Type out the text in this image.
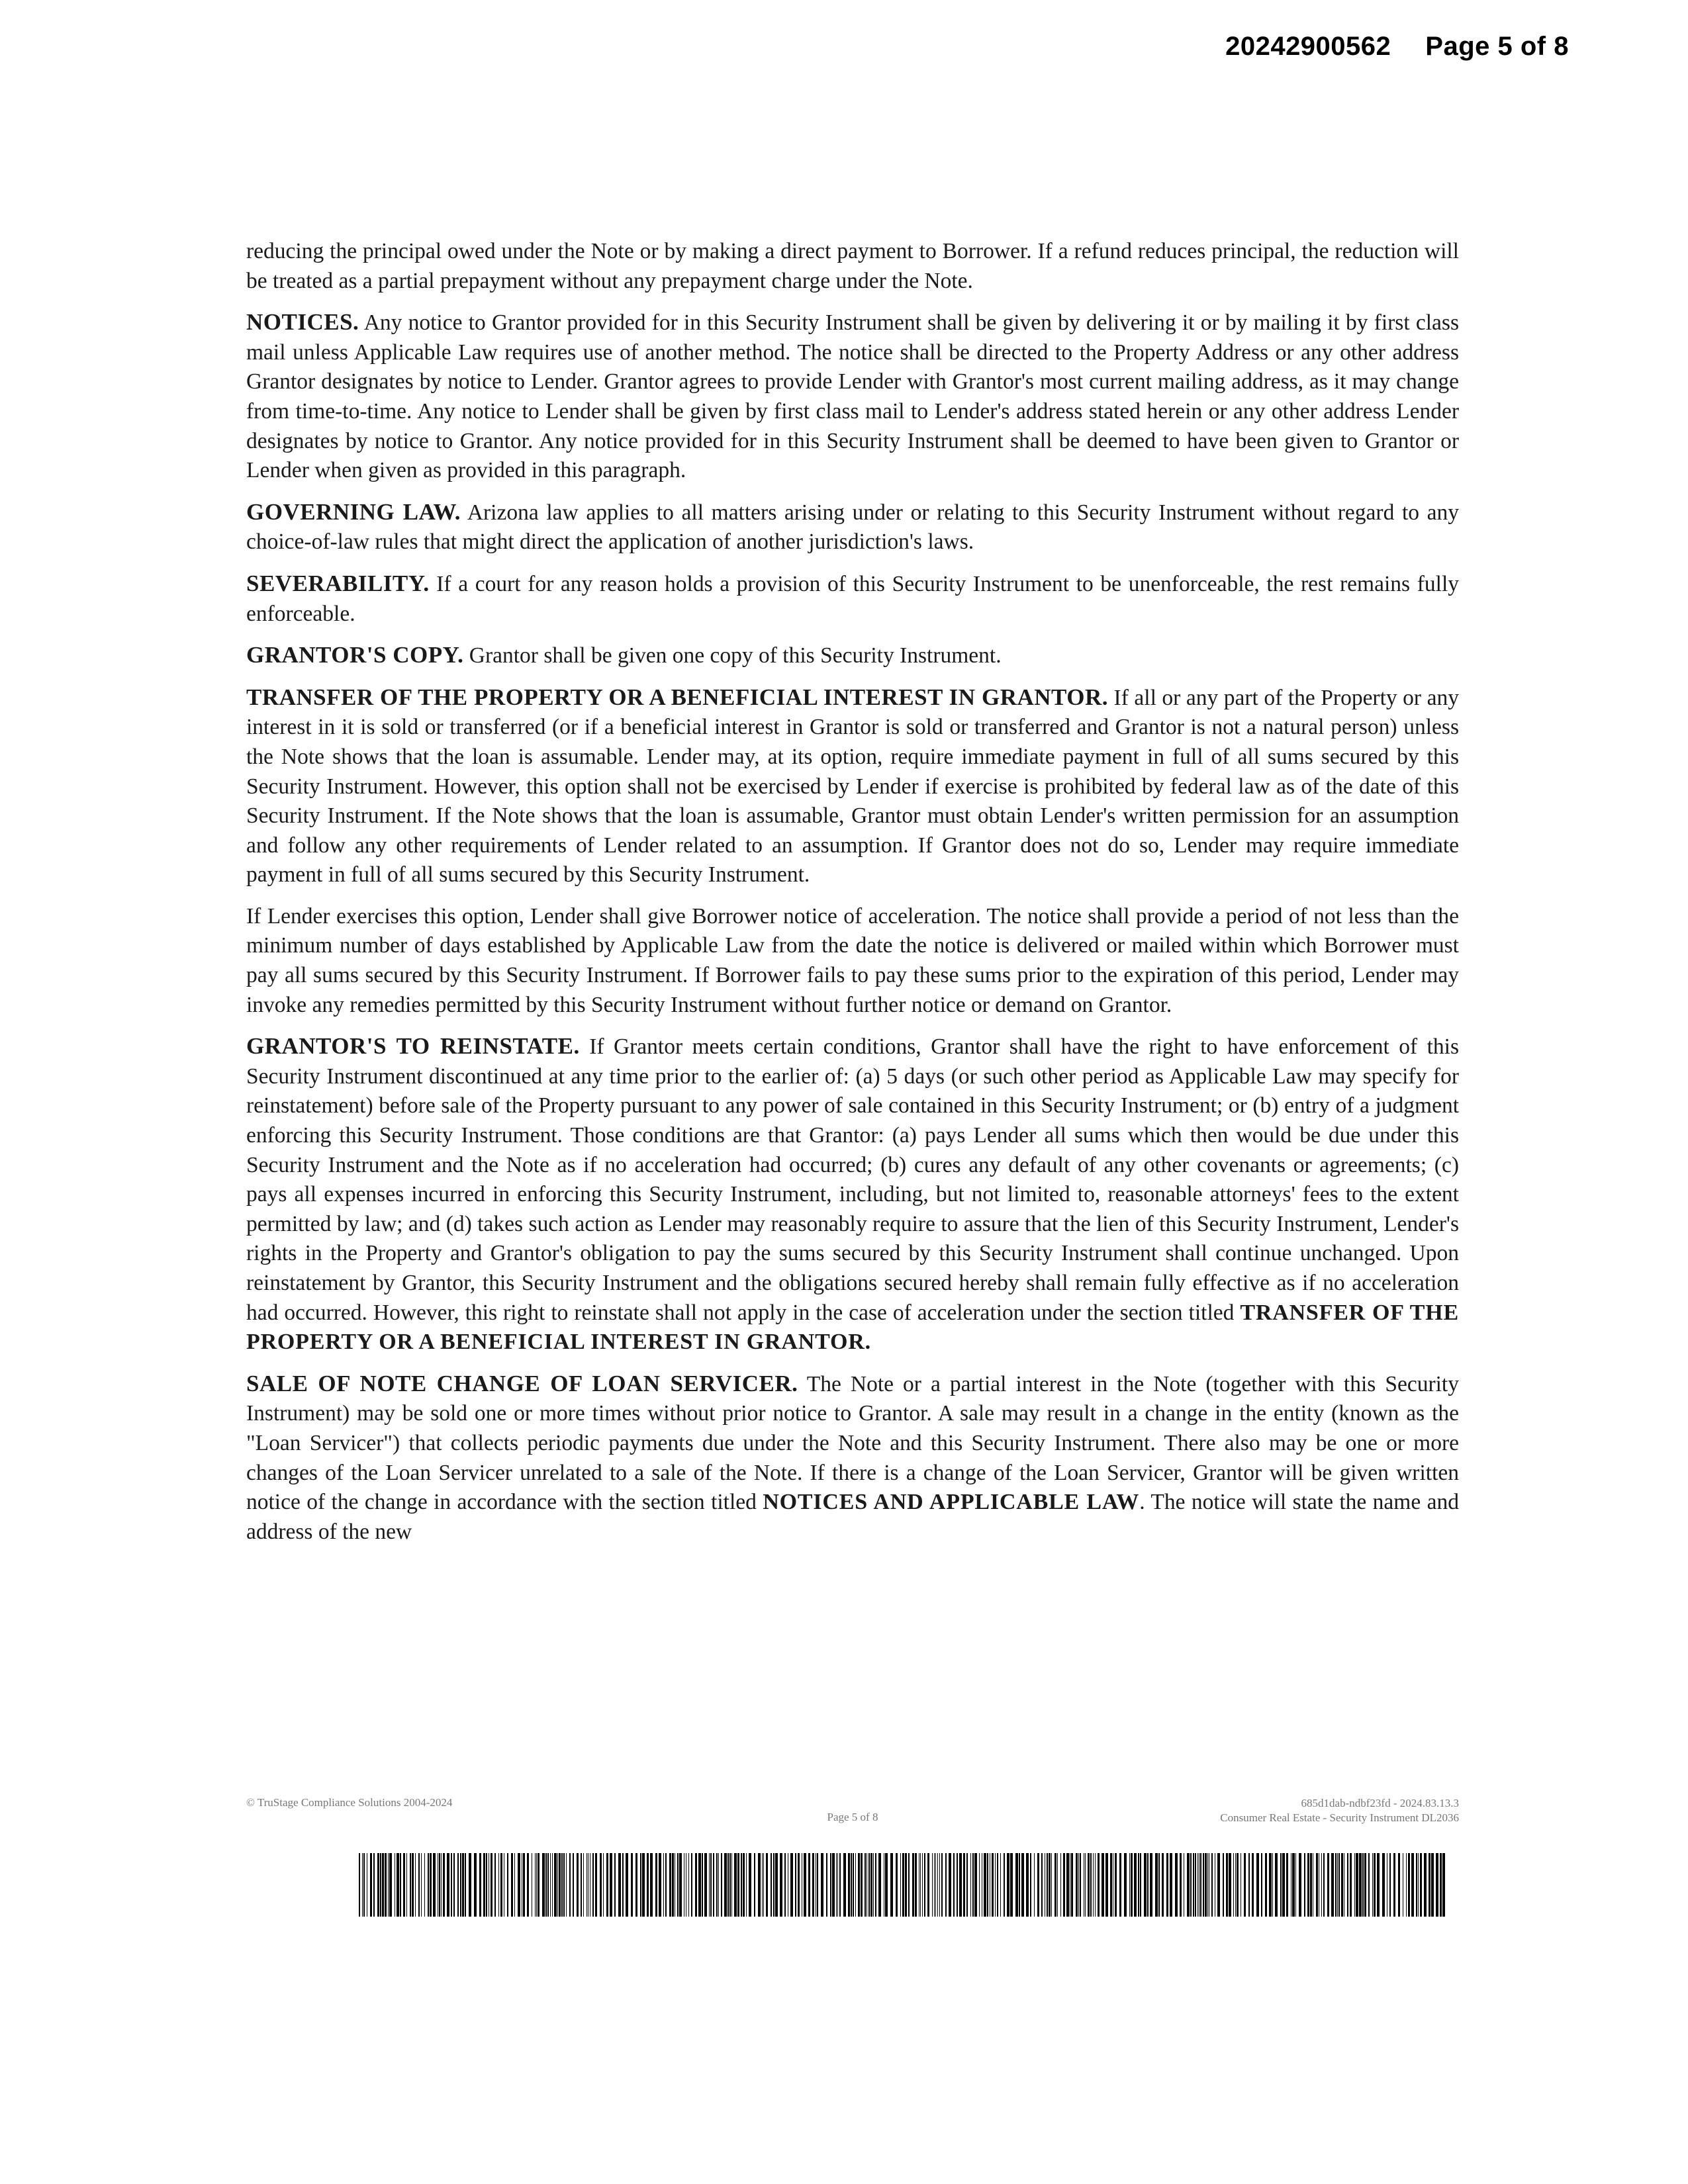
20242900562 Page 5 of 8

reducing the principal owed under the Note or by making a direct payment to Borrower. If a refund reduces principal, the reduction will be treated as a partial prepayment without any prepayment charge under the Note.

NOTICES. Any notice to Grantor provided for in this Security Instrument shall be given by delivering it or by mailing it by first class mail unless Applicable Law requires use of another method. The notice shall be directed to the Property Address or any other address Grantor designates by notice to Lender. Grantor agrees to provide Lender with Grantor's most current mailing address, as it may change from time-to-time. Any notice to Lender shall be given by first class mail to Lender's address stated herein or any other address Lender designates by notice to Grantor. Any notice provided for in this Security Instrument shall be deemed to have been given to Grantor or Lender when given as provided in this paragraph.

GOVERNING LAW. Arizona law applies to all matters arising under or relating to this Security Instrument without regard to any choice-of-law rules that might direct the application of another jurisdiction's laws.

SEVERABILITY. If a court for any reason holds a provision of this Security Instrument to be unenforceable, the rest remains fully enforceable.

GRANTOR'S COPY. Grantor shall be given one copy of this Security Instrument.

TRANSFER OF THE PROPERTY OR A BENEFICIAL INTEREST IN GRANTOR. If all or any part of the Property or any interest in it is sold or transferred (or if a beneficial interest in Grantor is sold or transferred and Grantor is not a natural person) unless the Note shows that the loan is assumable. Lender may, at its option, require immediate payment in full of all sums secured by this Security Instrument. However, this option shall not be exercised by Lender if exercise is prohibited by federal law as of the date of this Security Instrument. If the Note shows that the loan is assumable, Grantor must obtain Lender's written permission for an assumption and follow any other requirements of Lender related to an assumption. If Grantor does not do so, Lender may require immediate payment in full of all sums secured by this Security Instrument.

If Lender exercises this option, Lender shall give Borrower notice of acceleration. The notice shall provide a period of not less than the minimum number of days established by Applicable Law from the date the notice is delivered or mailed within which Borrower must pay all sums secured by this Security Instrument. If Borrower fails to pay these sums prior to the expiration of this period, Lender may invoke any remedies permitted by this Security Instrument without further notice or demand on Grantor.

GRANTOR'S TO REINSTATE. If Grantor meets certain conditions, Grantor shall have the right to have enforcement of this Security Instrument discontinued at any time prior to the earlier of: (a) 5 days (or such other period as Applicable Law may specify for reinstatement) before sale of the Property pursuant to any power of sale contained in this Security Instrument; or (b) entry of a judgment enforcing this Security Instrument. Those conditions are that Grantor: (a) pays Lender all sums which then would be due under this Security Instrument and the Note as if no acceleration had occurred; (b) cures any default of any other covenants or agreements; (c) pays all expenses incurred in enforcing this Security Instrument, including, but not limited to, reasonable attorneys' fees to the extent permitted by law; and (d) takes such action as Lender may reasonably require to assure that the lien of this Security Instrument, Lender's rights in the Property and Grantor's obligation to pay the sums secured by this Security Instrument shall continue unchanged. Upon reinstatement by Grantor, this Security Instrument and the obligations secured hereby shall remain fully effective as if no acceleration had occurred. However, this right to reinstate shall not apply in the case of acceleration under the section titled TRANSFER OF THE PROPERTY OR A BENEFICIAL INTEREST IN GRANTOR.

SALE OF NOTE CHANGE OF LOAN SERVICER. The Note or a partial interest in the Note (together with this Security Instrument) may be sold one or more times without prior notice to Grantor. A sale may result in a change in the entity (known as the "Loan Servicer") that collects periodic payments due under the Note and this Security Instrument. There also may be one or more changes of the Loan Servicer unrelated to a sale of the Note. If there is a change of the Loan Servicer, Grantor will be given written notice of the change in accordance with the section titled NOTICES AND APPLICABLE LAW. The notice will state the name and address of the new

© TruStage Compliance Solutions 2004-2024
Page 5 of 8
685d1dab-ndbf23fd - 2024.83.13.3
Consumer Real Estate - Security Instrument DL2036
